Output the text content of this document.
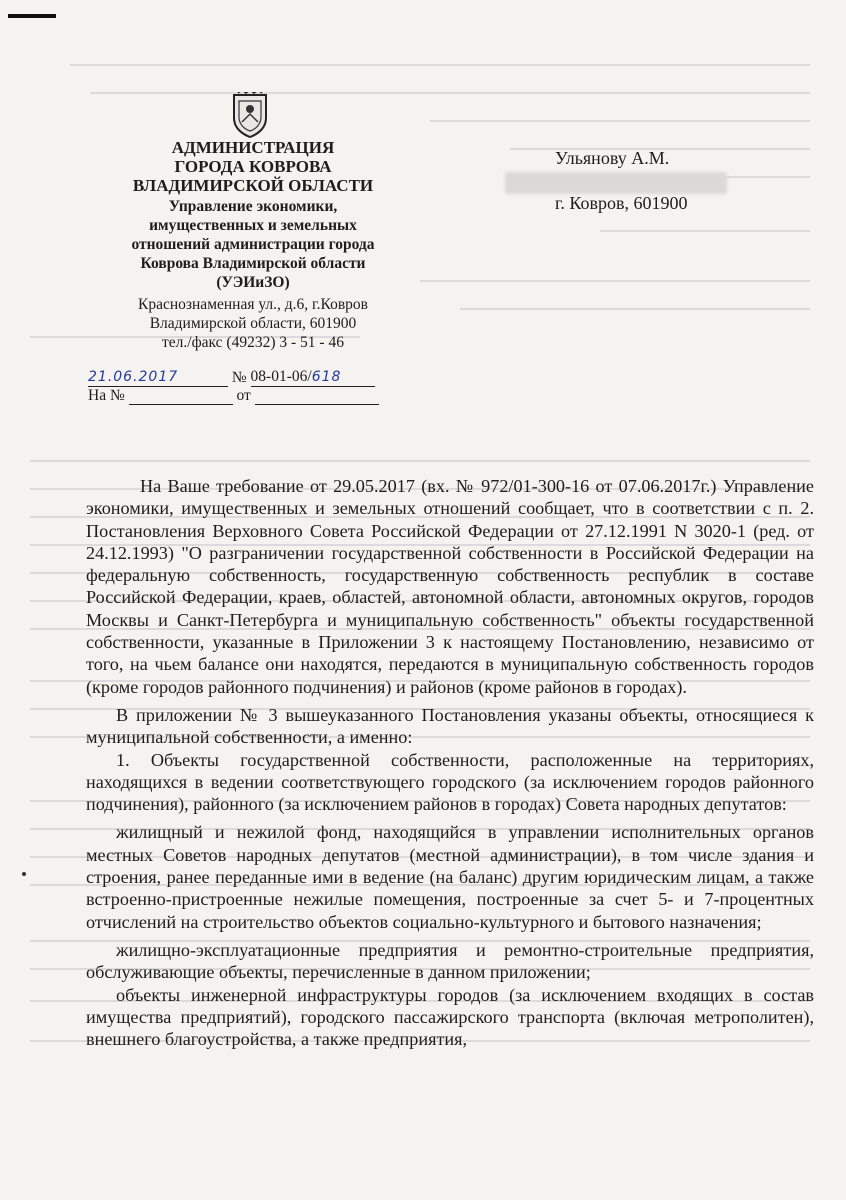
АДМИНИСТРАЦИЯ
ГОРОДА КОВРОВА
ВЛАДИМИРСКОЙ ОБЛАСТИ
Управление экономики,
имущественных и земельных
отношений администрации города
Коврова Владимирской области
(УЭИиЗО)
Краснознаменная ул., д.6, г.Ковров
Владимирской области, 601900
тел./факс (49232) 3 - 51 - 46
Ульянову А.М.
г. Ковров, 601900
21.06.2017	№ 08-01-06/618
На №	от

На Ваше требование от 29.05.2017 (вх. № 972/01-300-16 от 07.06.2017г.) Управление экономики, имущественных и земельных отношений сообщает, что в соответствии с п. 2. Постановления Верховного Совета Российской Федерации от 27.12.1991 N 3020-1 (ред. от 24.12.1993) "О разграничении государственной собственности в Российской Федерации на федеральную собственность, государственную собственность республик в составе Российской Федерации, краев, областей, автономной области, автономных округов, городов Москвы и Санкт-Петербурга и муниципальную собственность" объекты государственной собственности, указанные в Приложении 3 к настоящему Постановлению, независимо от того, на чьем балансе они находятся, передаются в муниципальную собственность городов (кроме городов районного подчинения) и районов (кроме районов в городах).

В приложении № 3 вышеуказанного Постановления указаны объекты, относящиеся к муниципальной собственности, а именно:

1. Объекты государственной собственности, расположенные на территориях, находящихся в ведении соответствующего городского (за исключением городов районного подчинения), районного (за исключением районов в городах) Совета народных депутатов:

жилищный и нежилой фонд, находящийся в управлении исполнительных органов местных Советов народных депутатов (местной администрации), в том числе здания и строения, ранее переданные ими в ведение (на баланс) другим юридическим лицам, а также встроенно-пристроенные нежилые помещения, построенные за счет 5- и 7-процентных отчислений на строительство объектов социально-культурного и бытового назначения;

жилищно-эксплуатационные предприятия и ремонтно-строительные предприятия, обслуживающие объекты, перечисленные в данном приложении;

объекты инженерной инфраструктуры городов (за исключением входящих в состав имущества предприятий), городского пассажирского транспорта (включая метрополитен), внешнего благоустройства, а также предприятия,
